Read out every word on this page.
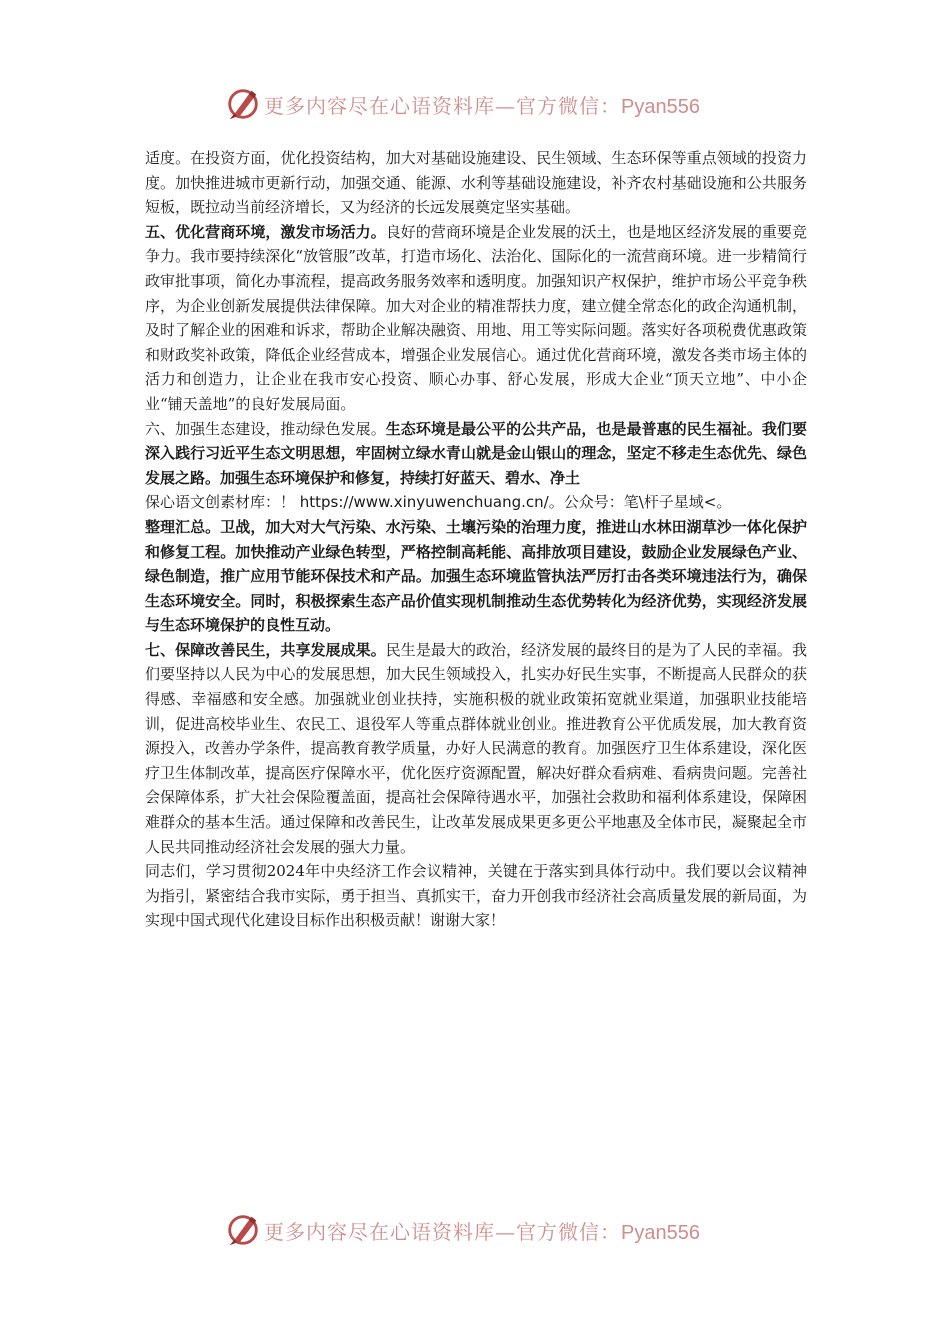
更多内容尽在心语资料库—官方微信：Pyan556

适度。在投资方面，优化投资结构，加大对基础设施建设、民生领域、生态环保等重点领域的投资力度。加快推进城市更新行动，加强交通、能源、水利等基础设施建设，补齐农村基础设施和公共服务短板，既拉动当前经济增长，又为经济的长远发展奠定坚实基础。

五、优化营商环境，激发市场活力。良好的营商环境是企业发展的沃土，也是地区经济发展的重要竞争力。我市要持续深化“放管服”改革，打造市场化、法治化、国际化的一流营商环境。进一步精简行政审批事项，简化办事流程，提高政务服务效率和透明度。加强知识产权保护，维护市场公平竞争秩序，为企业创新发展提供法律保障。加大对企业的精准帮扶力度，建立健全常态化的政企沟通机制，及时了解企业的困难和诉求，帮助企业解决融资、用地、用工等实际问题。落实好各项税费优惠政策和财政奖补政策，降低企业经营成本，增强企业发展信心。通过优化营商环境，激发各类市场主体的活力和创造力，让企业在我市安心投资、顺心办事、舒心发展，形成大企业“顶天立地”、中小企业“铺天盖地”的良好发展局面。

六、加强生态建设，推动绿色发展。生态环境是最公平的公共产品，也是最普惠的民生福祉。我们要深入践行习近平生态文明思想，牢固树立绿水青山就是金山银山的理念，坚定不移走生态优先、绿色发展之路。加强生态环境保护和修复，持续打好蓝天、碧水、净土
保心语文创素材库：！ https://www.xinyuwenchuang.cn/。公众号：笔\杆子星域<。
整理汇总。卫战，加大对大气污染、水污染、土壤污染的治理力度，推进山水林田湖草沙一体化保护和修复工程。加快推动产业绿色转型，严格控制高耗能、高排放项目建设，鼓励企业发展绿色产业、绿色制造，推广应用节能环保技术和产品。加强生态环境监管执法严厉打击各类环境违法行为，确保生态环境安全。同时，积极探索生态产品价值实现机制推动生态优势转化为经济优势，实现经济发展与生态环境保护的良性互动。

七、保障改善民生，共享发展成果。民生是最大的政治，经济发展的最终目的是为了人民的幸福。我们要坚持以人民为中心的发展思想，加大民生领域投入，扎实办好民生实事，不断提高人民群众的获得感、幸福感和安全感。加强就业创业扶持，实施积极的就业政策拓宽就业渠道，加强职业技能培训，促进高校毕业生、农民工、退役军人等重点群体就业创业。推进教育公平优质发展，加大教育资源投入，改善办学条件，提高教育教学质量，办好人民满意的教育。加强医疗卫生体系建设，深化医疗卫生体制改革，提高医疗保障水平，优化医疗资源配置，解决好群众看病难、看病贵问题。完善社会保障体系，扩大社会保险覆盖面，提高社会保障待遇水平，加强社会救助和福利体系建设，保障困难群众的基本生活。通过保障和改善民生，让改革发展成果更多更公平地惠及全体市民，凝聚起全市人民共同推动经济社会发展的强大力量。

同志们，学习贯彻2024年中央经济工作会议精神，关键在于落实到具体行动中。我们要以会议精神为指引，紧密结合我市实际，勇于担当、真抓实干，奋力开创我市经济社会高质量发展的新局面，为实现中国式现代化建设目标作出积极贡献！谢谢大家！

更多内容尽在心语资料库—官方微信：Pyan556
